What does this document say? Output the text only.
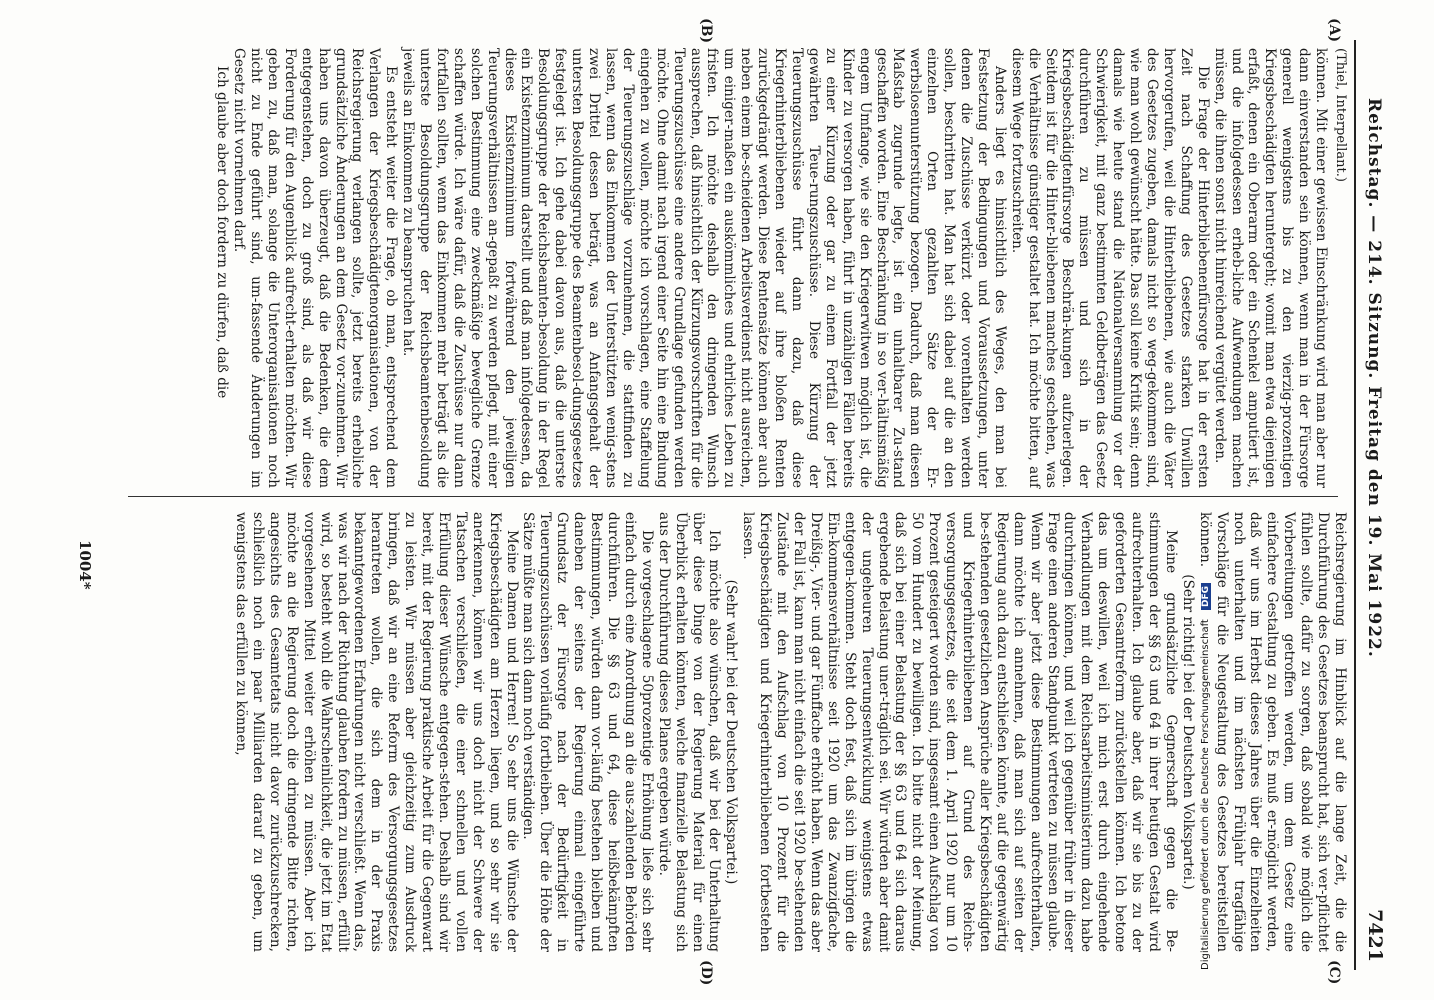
Reichstag. — 214. Sitzung. Freitag den 19. Mai 1922.
7421
(A)
(B)
(C)
(D)
(Thiel, Interpellant.)

können. Mit einer gewissen Einschränkung wird man aber nur dann einverstanden sein können, wenn man in der Fürsorge generell wenigstens bis zu den vierzig-prozentigen Kriegsbeschädigten heruntergeht; womit man etwa diejenigen erfaßt, denen ein Oberarm oder ein Schenkel amputiert ist, und die infolgedessen erheb-liche Aufwendungen machen müssen, die ihnen sonst nicht hinreichend vergütet werden.

Die Frage der Hinterbliebenenfürsorge hat in der ersten Zeit nach Schaffung des Gesetzes starken Unwillen hervorgerufen, weil die Hinterbliebenen, wie auch die Väter des Gesetzes zugeben, damals nicht so weg-gekommen sind, wie man wohl gewünscht hätte. Das soll keine Kritik sein; denn damals wie heute stand die Nationalversammlung vor der Schwierigkeit, mit ganz bestimmten Geldbeträgen das Gesetz durchführen zu müssen und sich in der Kriegsbeschädigtenfürsorge Beschrän-kungen aufzuerlegen. Seitdem ist für die Hinter-bliebenen manches geschehen, was die Verhältnisse günstiger gestaltet hat. Ich möchte bitten, auf diesem Wege fortzuschreiten.

Anders liegt es hinsichtlich des Weges, den man bei Festsetzung der Bedingungen und Voraussetzungen, unter denen die Zuschüsse verkürzt oder vorenthalten werden sollen, beschritten hat. Man hat sich dabei auf die an den einzelnen Orten gezahlten Sätze der Er-werbslosenunterstützung bezogen. Dadurch, daß man diesen Maßstab zugrunde legte, ist ein unhaltbarer Zu-stand geschaffen worden. Eine Beschränkung in so ver-hältnismäßig engem Umfange, wie sie den Kriegerwitwen möglich ist, die Kinder zu versorgen haben, führt in unzähligen Fällen bereits zu einer Kürzung oder gar zu einem Fortfall der jetzt gewährten Teue-rungszuschüsse. Diese Kürzung der Teuerungszuschüsse führt dann dazu, daß diese Kriegerhinterbliebenen wieder auf ihre bloßen Renten zurückgedrängt werden. Diese Rentensätze können aber auch neben einem be-scheidenen Arbeitsverdienst nicht ausreichen, um einiger-maßen ein auskömmliches und ehrliches Leben zu fristen. Ich möchte deshalb den dringenden Wunsch aussprechen, daß hinsichtlich der Kürzungsvorschriften für die Teuerungszuschüsse eine andere Grundlage gefunden werden möchte. Ohne damit nach irgend einer Seite hin eine Bindung eingehen zu wollen, möchte ich vorschlagen, eine Staffelung der Teuerungszuschläge vorzunehmen, die stattfinden zu lassen, wenn das Einkommen der Unterstützten wenig-stens zwei Drittel dessen beträgt, was an Anfangsgehalt der untersten Besoldungsgruppe des Beamtenbesol-dungsgesetzes festgelegt ist. Ich gehe dabei davon aus, daß die unterste Besoldungsgruppe der Reichsbeamten-besoldung in der Regel ein Existenzminimum darstellt und daß man infolgedessen, da dieses Existenzminimum fortwährend den jeweiligen Teuerungsverhältnissen an-gepaßt zu werden pflegt, mit einer solchen Bestimmung eine zweckmäßige bewegliche Grenze schaffen würde. Ich wäre dafür, daß die Zuschüsse nur dann fortfallen sollten, wenn das Einkommen mehr beträgt als die unterste Besoldungsgruppe der Reichsbeamtenbesoldung jeweils an Einkommen zu beanspruchen hat.

Es entsteht weiter die Frage, ob man, entsprechend dem Verlangen der Kriegsbeschädigtenorganisationen, von der Reichsregierung verlangen sollte, jetzt bereits erhebliche grundsätzliche Änderungen an dem Gesetz vor-zunehmen. Wir haben uns davon überzeugt, daß die Bedenken, die dem entgegenstehen, doch zu groß sind, als daß wir diese Forderung für den Augenblick aufrecht-erhalten möchten. Wir geben zu, daß man, solange die Unterorganisationen noch nicht zu Ende geführt sind, um-fassende Änderungen im Gesetz nicht vornehmen darf.

Ich glaube aber doch fordern zu dürfen, daß die

Reichsregierung im Hinblick auf die lange Zeit, die die Durchführung des Gesetzes beansprucht hat, sich ver-pflichtet fühlen sollte, dafür zu sorgen, daß sobald wie möglich die Vorbereitungen getroffen werden, um dem Gesetz eine einfachere Gestaltung zu geben. Es muß er-möglicht werden, daß wir uns im Herbst dieses Jahres über die Einzelheiten noch unterhalten und im nächsten Frühjahr tragfähige Vorschläge für die Neugestaltung des Gesetzes bereitstellen können.

(Sehr richtig! bei der Deutschen Volkspartei.)

Meine grundsätzliche Gegnerschaft gegen die Be-stimmungen der §§ 63 und 64 in ihrer heutigen Gestalt wird aufrechterhalten. Ich glaube aber, daß wir sie bis zu der geforderten Gesamtreform zurückstellen können. Ich betone das um deswillen, weil ich mich erst durch eingehende Verhandlungen mit dem Reichsarbeitsministerium dazu habe durchringen können, und weil ich gegenüber früher in dieser Frage einen anderen Standpunkt vertreten zu müssen glaube. Wenn wir aber jetzt diese Bestimmungen aufrechterhalten, dann möchte ich annehmen, daß man sich auf seiten der Regierung auch dazu entschließen könnte, auf die gegenwärtig be-stehenden gesetzlichen Ansprüche aller Kriegsbeschädigten und Kriegerhinterbliebenen auf Grund des Reichs-versorgungsgesetzes, die seit dem 1. April 1920 nur um 10 Prozent gesteigert worden sind, insgesamt einen Aufschlag von 50 vom Hundert zu bewilligen. Ich bitte nicht der Meinung, daß sich bei einer Belastung der §§ 63 und 64 sich daraus ergebende Belastung uner-träglich sei. Wir würden aber damit der ungeheuren Teuerungsentwicklung wenigstens etwas entgegen-kommen. Steht doch fest, daß sich im übrigen die Ein-kommensverhältnisse seit 1920 um das Zwanzigfache, Dreißig-, Vier- und gar Fünffache erhöht haben. Wenn das aber der Fall ist, kann man nicht einfach die seit 1920 be-stehenden Zustände mit den Aufschlag von 10 Prozent für die Kriegsbeschädigten und Kriegerhinterbliebenen fortbestehen lassen.

(Sehr wahr! bei der Deutschen Volkspartei.)

Ich möchte also wünschen, daß wir bei der Unterhaltung über diese Dinge von der Regierung Material für einen Überblick erhalten könnten, welche finanzielle Belastung sich aus der Durchführung dieses Planes ergeben würde.

Die vorgeschlagene 50prozentige Erhöhung ließe sich sehr einfach durch eine Anordnung an die aus-zahlenden Behörden durchführen. Die §§ 63 und 64, diese heißbekämpften Bestimmungen, würden dann vor-läufig bestehen bleiben und daneben der seitens der Regierung einmal eingeführte Grundsatz der Fürsorge nach der Bedürftigkeit in Teuerungszuschüssen vorläufig fortbleiben. Über die Höhe der Sätze müßte man sich dann noch verständigen.

Meine Damen und Herren! So sehr uns die Wünsche der Kriegsbeschädigten am Herzen liegen, und so sehr wir sie anerkennen, können wir uns doch nicht der Schwere der Tatsachen verschließen, die einer schnellen und vollen Erfüllung dieser Wünsche entgegen-stehen. Deshalb sind wir bereit, mit der Regierung praktische Arbeit für die Gegenwart zu leisten. Wir müssen aber gleichzeitig zum Ausdruck bringen, daß wir an eine Reform des Versorgungsgesetzes herantreten wollen, die sich dem in der Praxis bekanntgewordenen Erfahrungen nicht verschließt. Wenn das, was wir nach der Richtung glauben fordern zu müssen, erfüllt wird, so besteht wohl die Wahrscheinlichkeit, die jetzt im Etat vorgesehenen Mittel weiter erhöhen zu müssen. Aber ich möchte an die Regierung doch die dringende Bitte richten, angesichts des Gesamtetats nicht davor zurückzuschrecken, schließlich noch ein paar Milliarden darauf zu geben, um wenigstens das erfüllen zu können,

1004*
Digitalisierung gefördert durch die Deutsche Forschungsgemeinschaft DFG
